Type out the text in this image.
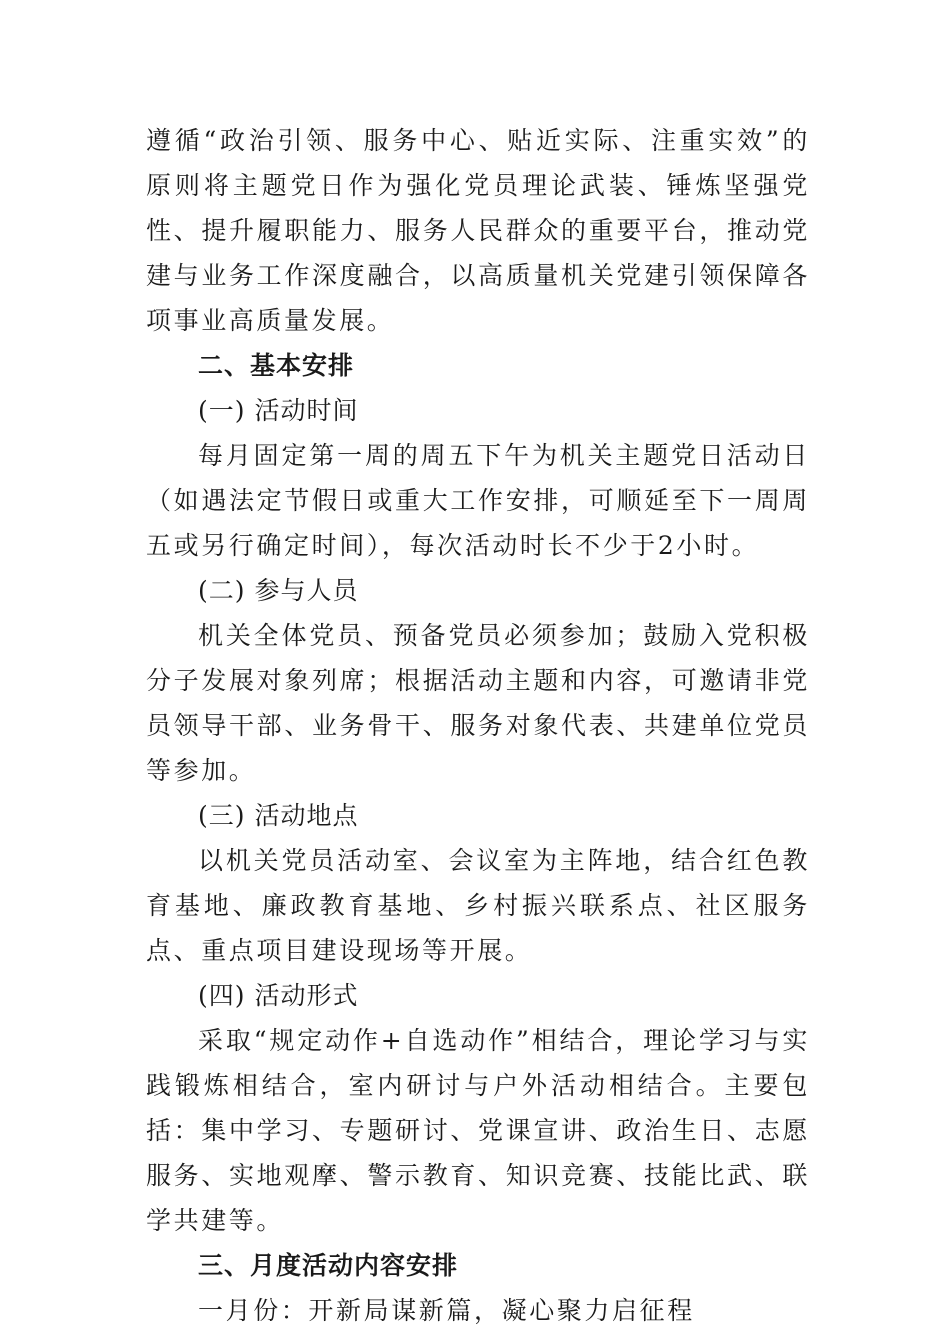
遵循“政治引领、服务中心、贴近实际、注重实效”的原则将主题党日作为强化党员理论武装、锤炼坚强党性、提升履职能力、服务人民群众的重要平台，推动党建与业务工作深度融合，以高质量机关党建引领保障各项事业高质量发展。

二、基本安排

(一) 活动时间

每月固定第一周的周五下午为机关主题党日活动日（如遇法定节假日或重大工作安排，可顺延至下一周周五或另行确定时间），每次活动时长不少于2小时。

(二) 参与人员

机关全体党员、预备党员必须参加；鼓励入党积极分子发展对象列席；根据活动主题和内容，可邀请非党员领导干部、业务骨干、服务对象代表、共建单位党员等参加。

(三) 活动地点

以机关党员活动室、会议室为主阵地，结合红色教育基地、廉政教育基地、乡村振兴联系点、社区服务点、重点项目建设现场等开展。

(四) 活动形式

采取“规定动作+自选动作”相结合，理论学习与实践锻炼相结合，室内研讨与户外活动相结合。主要包括：集中学习、专题研讨、党课宣讲、政治生日、志愿服务、实地观摩、警示教育、知识竞赛、技能比武、联学共建等。

三、月度活动内容安排

一月份：开新局谋新篇，凝心聚力启征程
